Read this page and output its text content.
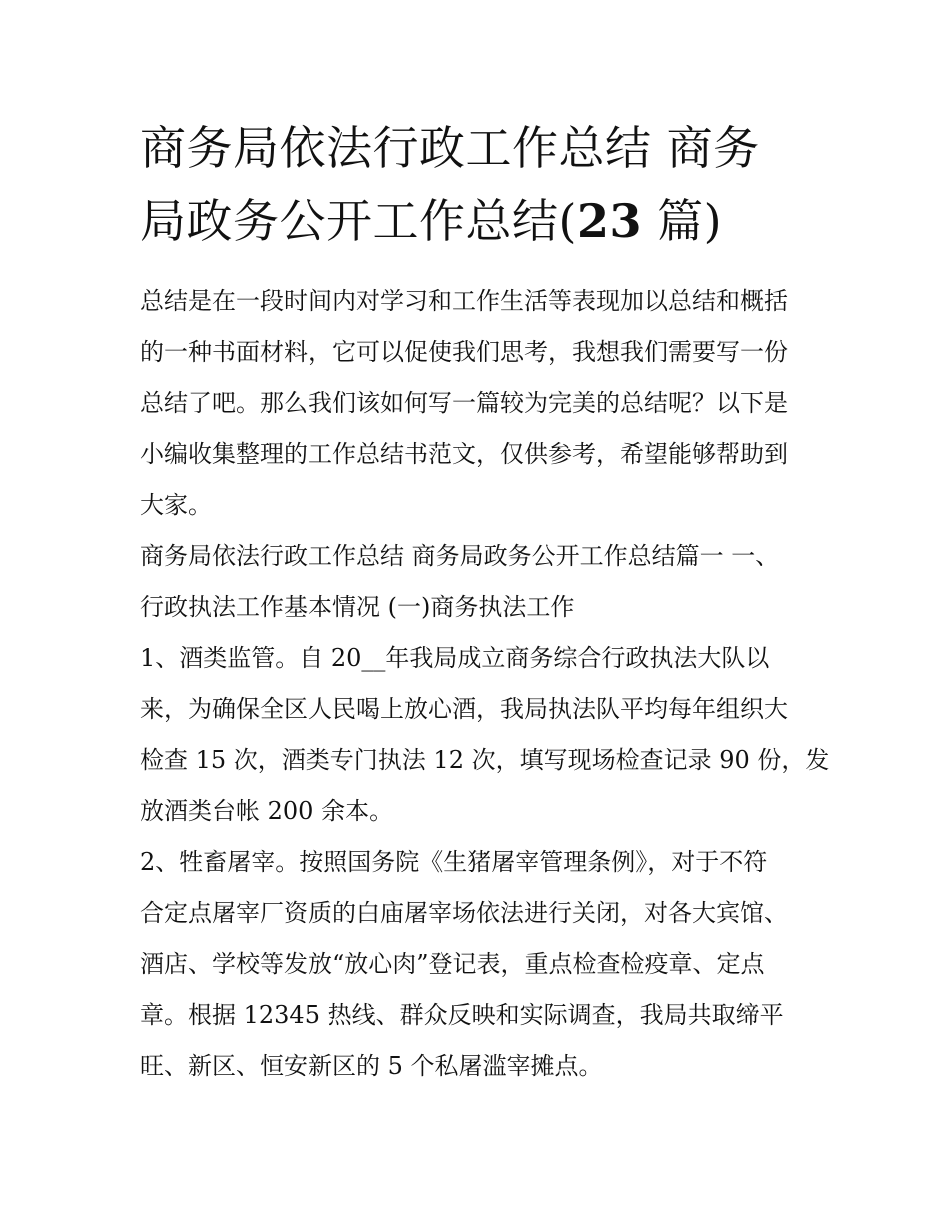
商务局依法行政工作总结 商务
局政务公开工作总结(23 篇)
总结是在一段时间内对学习和工作生活等表现加以总结和概括
的一种书面材料，它可以促使我们思考，我想我们需要写一份
总结了吧。那么我们该如何写一篇较为完美的总结呢？以下是
小编收集整理的工作总结书范文，仅供参考，希望能够帮助到
大家。
商务局依法行政工作总结 商务局政务公开工作总结篇一 一、
行政执法工作基本情况 (一)商务执法工作
1、酒类监管。自 20__年我局成立商务综合行政执法大队以
来，为确保全区人民喝上放心酒，我局执法队平均每年组织大
检查 15 次，酒类专门执法 12 次，填写现场检查记录 90 份，发
放酒类台帐 200 余本。
2、牲畜屠宰。按照国务院《生猪屠宰管理条例》，对于不符
合定点屠宰厂资质的白庙屠宰场依法进行关闭，对各大宾馆、
酒店、学校等发放“放心肉”登记表，重点检查检疫章、定点
章。根据 12345 热线、群众反映和实际调查，我局共取缔平
旺、新区、恒安新区的 5 个私屠滥宰摊点。
